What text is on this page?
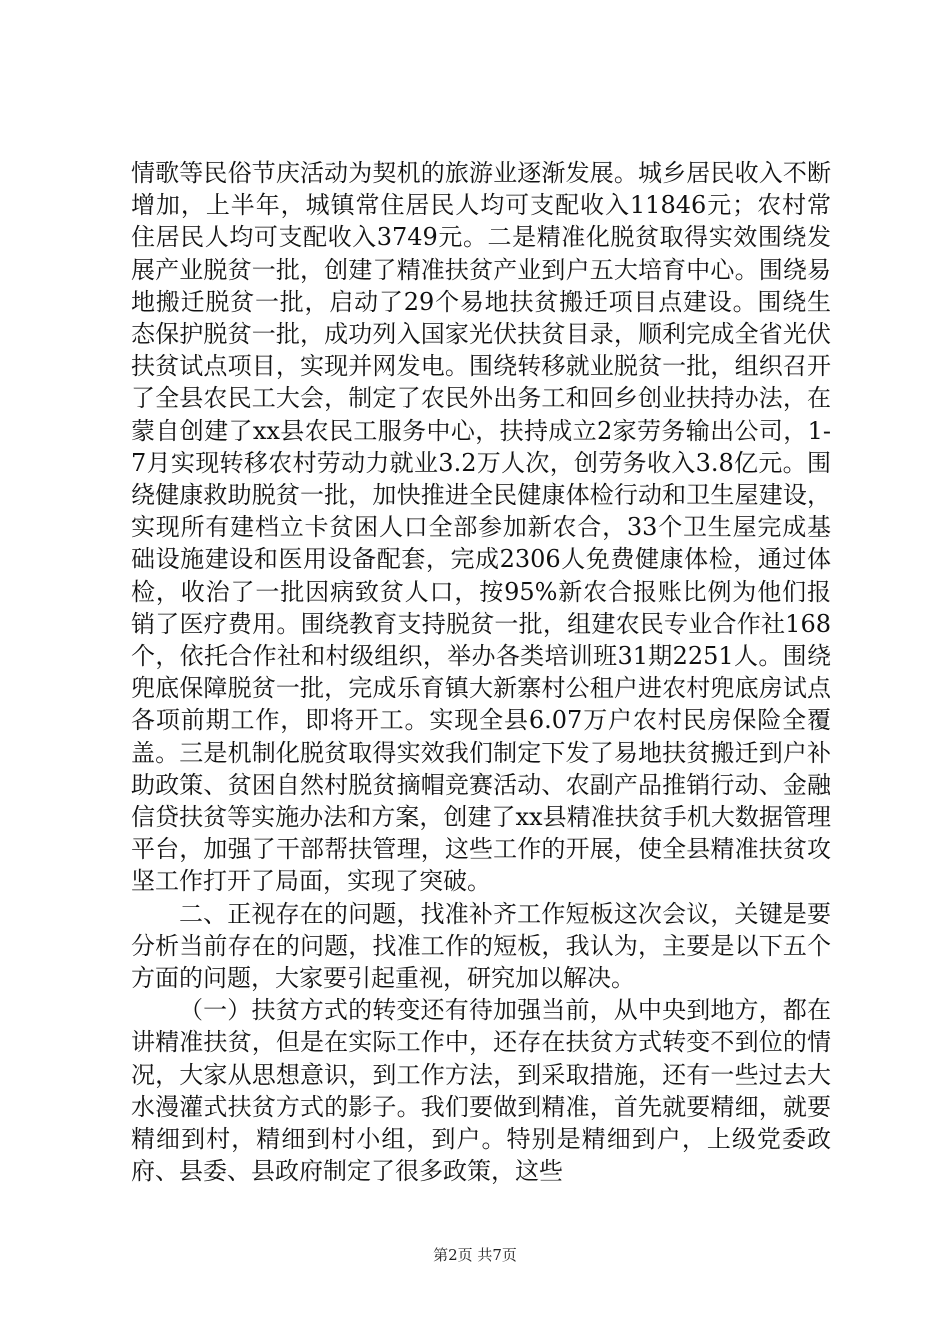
情歌等民俗节庆活动为契机的旅游业逐渐发展。城乡居民收入不断增加，上半年，城镇常住居民人均可支配收入11846元；农村常住居民人均可支配收入3749元。二是精准化脱贫取得实效围绕发展产业脱贫一批，创建了精准扶贫产业到户五大培育中心。围绕易地搬迁脱贫一批，启动了29个易地扶贫搬迁项目点建设。围绕生态保护脱贫一批，成功列入国家光伏扶贫目录，顺利完成全省光伏扶贫试点项目，实现并网发电。围绕转移就业脱贫一批，组织召开了全县农民工大会，制定了农民外出务工和回乡创业扶持办法，在蒙自创建了xx县农民工服务中心，扶持成立2家劳务输出公司，1-7月实现转移农村劳动力就业3.2万人次，创劳务收入3.8亿元。围绕健康救助脱贫一批，加快推进全民健康体检行动和卫生屋建设，实现所有建档立卡贫困人口全部参加新农合，33个卫生屋完成基础设施建设和医用设备配套，完成2306人免费健康体检，通过体检，收治了一批因病致贫人口，按95%新农合报账比例为他们报销了医疗费用。围绕教育支持脱贫一批，组建农民专业合作社168个，依托合作社和村级组织，举办各类培训班31期2251人。围绕兜底保障脱贫一批，完成乐育镇大新寨村公租户进农村兜底房试点各项前期工作，即将开工。实现全县6.07万户农村民房保险全覆盖。三是机制化脱贫取得实效我们制定下发了易地扶贫搬迁到户补助政策、贫困自然村脱贫摘帽竞赛活动、农副产品推销行动、金融信贷扶贫等实施办法和方案，创建了xx县精准扶贫手机大数据管理平台，加强了干部帮扶管理，这些工作的开展，使全县精准扶贫攻坚工作打开了局面，实现了突破。

二、正视存在的问题，找准补齐工作短板这次会议，关键是要分析当前存在的问题，找准工作的短板，我认为，主要是以下五个方面的问题，大家要引起重视，研究加以解决。

（一）扶贫方式的转变还有待加强当前，从中央到地方，都在讲精准扶贫，但是在实际工作中，还存在扶贫方式转变不到位的情况，大家从思想意识，到工作方法，到采取措施，还有一些过去大水漫灌式扶贫方式的影子。我们要做到精准，首先就要精细，就要精细到村，精细到村小组，到户。特别是精细到户，上级党委政府、县委、县政府制定了很多政策，这些

第2页 共7页
